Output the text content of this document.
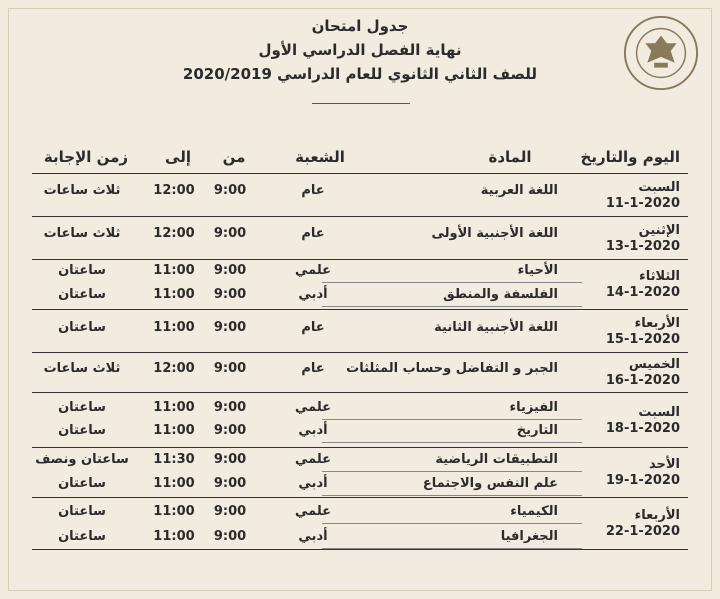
جدول امتحان
نهاية الفصل الدراسي الأول
للصف الثاني الثانوي للعام الدراسي 2020/2019
اليوم والتاريخ
المادة
الشعبة
من
إلى
زمن الإجابة
السبت
11-1-2020
اللغة العربية
عام
9:00
12:00
ثلاث ساعات
الإثنين
13-1-2020
اللغة الأجنبية الأولى
عام
9:00
12:00
ثلاث ساعات
الثلاثاء
14-1-2020
الأحياء
علمي
9:00
11:00
ساعتان
الفلسفة والمنطق
أدبي
9:00
11:00
ساعتان
الأربعاء
15-1-2020
اللغة الأجنبية الثانية
عام
9:00
11:00
ساعتان
الخميس
16-1-2020
الجبر و التفاضل وحساب المثلثات
عام
9:00
12:00
ثلاث ساعات
السبت
18-1-2020
الفيزياء
علمي
9:00
11:00
ساعتان
التاريخ
أدبي
9:00
11:00
ساعتان
الأحد
19-1-2020
التطبيقات الرياضية
علمي
9:00
11:30
ساعتان ونصف
علم النفس والاجتماع
أدبي
9:00
11:00
ساعتان
الأربعاء
22-1-2020
الكيمياء
علمي
9:00
11:00
ساعتان
الجغرافيا
أدبي
9:00
11:00
ساعتان
